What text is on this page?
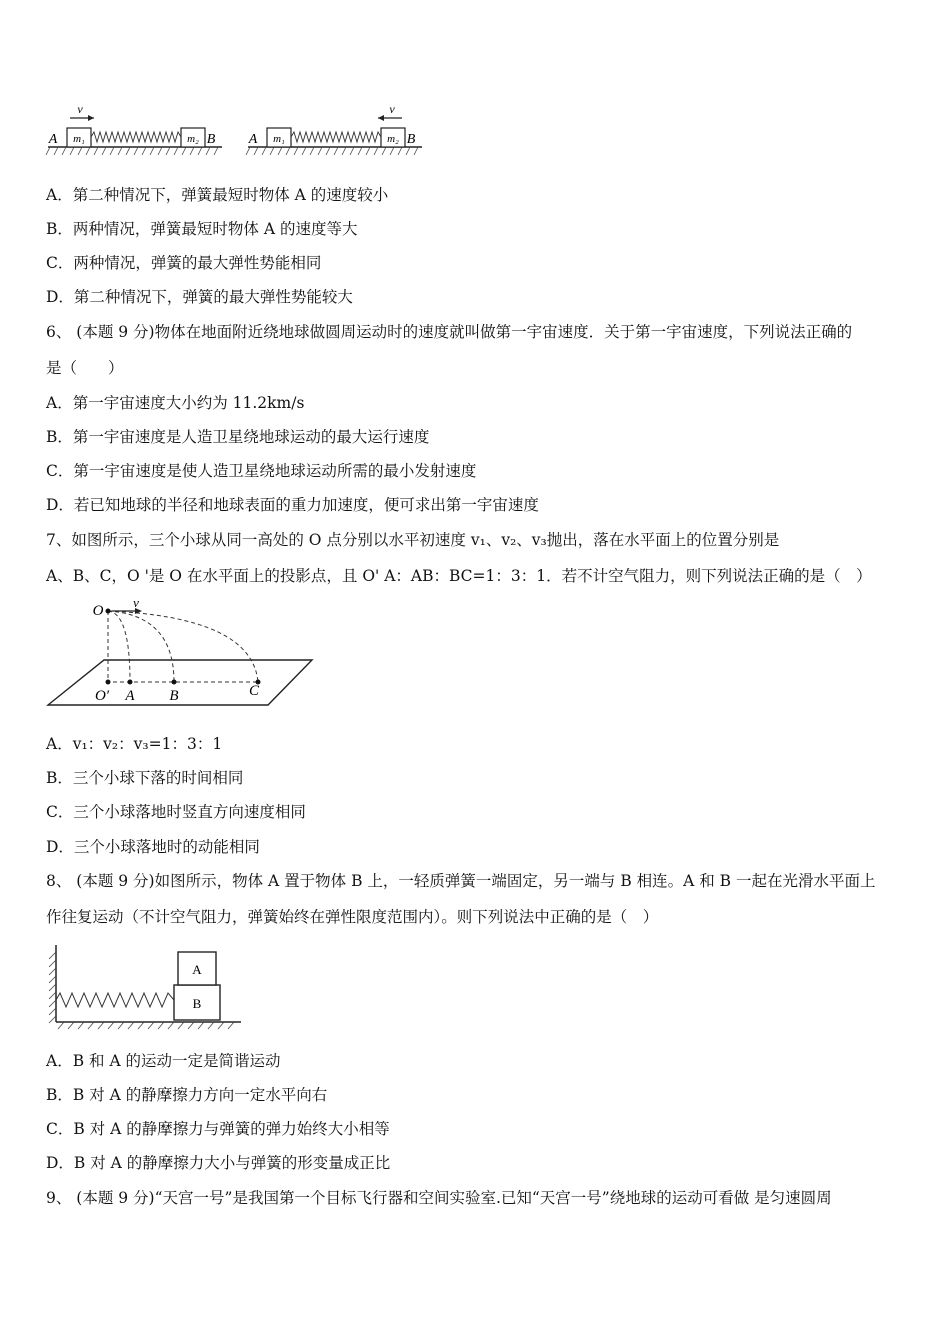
m₁	m₂
A	B
v
m₁	m₂
A	B
v
A．第二种情况下，弹簧最短时物体 A 的速度较小
B．两种情况，弹簧最短时物体 A 的速度等大
C．两种情况，弹簧的最大弹性势能相同
D．第二种情况下，弹簧的最大弹性势能较大
6、 (本题 9 分)物体在地面附近绕地球做圆周运动时的速度就叫做第一宇宙速度．关于第一宇宙速度，下列说法正确的
是（　　）
A．第一宇宙速度大小约为 11.2km/s
B．第一宇宙速度是人造卫星绕地球运动的最大运行速度
C．第一宇宙速度是使人造卫星绕地球运动所需的最小发射速度
D．若已知地球的半径和地球表面的重力加速度，便可求出第一宇宙速度
7、如图所示，三个小球从同一高处的 O 点分别以水平初速度 v₁、v₂、v₃抛出，落在水平面上的位置分别是
A、B、C，O '是 O 在水平面上的投影点，且 O' A：AB：BC=1：3：1．若不计空气阻力，则下列说法正确的是（　）
O
v
O′ A B	C
A．v₁：v₂：v₃=1：3：1
B．三个小球下落的时间相同
C．三个小球落地时竖直方向速度相同
D．三个小球落地时的动能相同
8、 (本题 9 分)如图所示，物体 A 置于物体 B 上，一轻质弹簧一端固定，另一端与 B 相连。A 和 B 一起在光滑水平面上
作往复运动（不计空气阻力，弹簧始终在弹性限度范围内）。则下列说法中正确的是（　）
A
B
A．B 和 A 的运动一定是简谐运动
B．B 对 A 的静摩擦力方向一定水平向右
C．B 对 A 的静摩擦力与弹簧的弹力始终大小相等
D．B 对 A 的静摩擦力大小与弹簧的形变量成正比
9、 (本题 9 分)“天宫一号”是我国第一个目标飞行器和空间实验室.已知“天宫一号”绕地球的运动可看做 是匀速圆周
